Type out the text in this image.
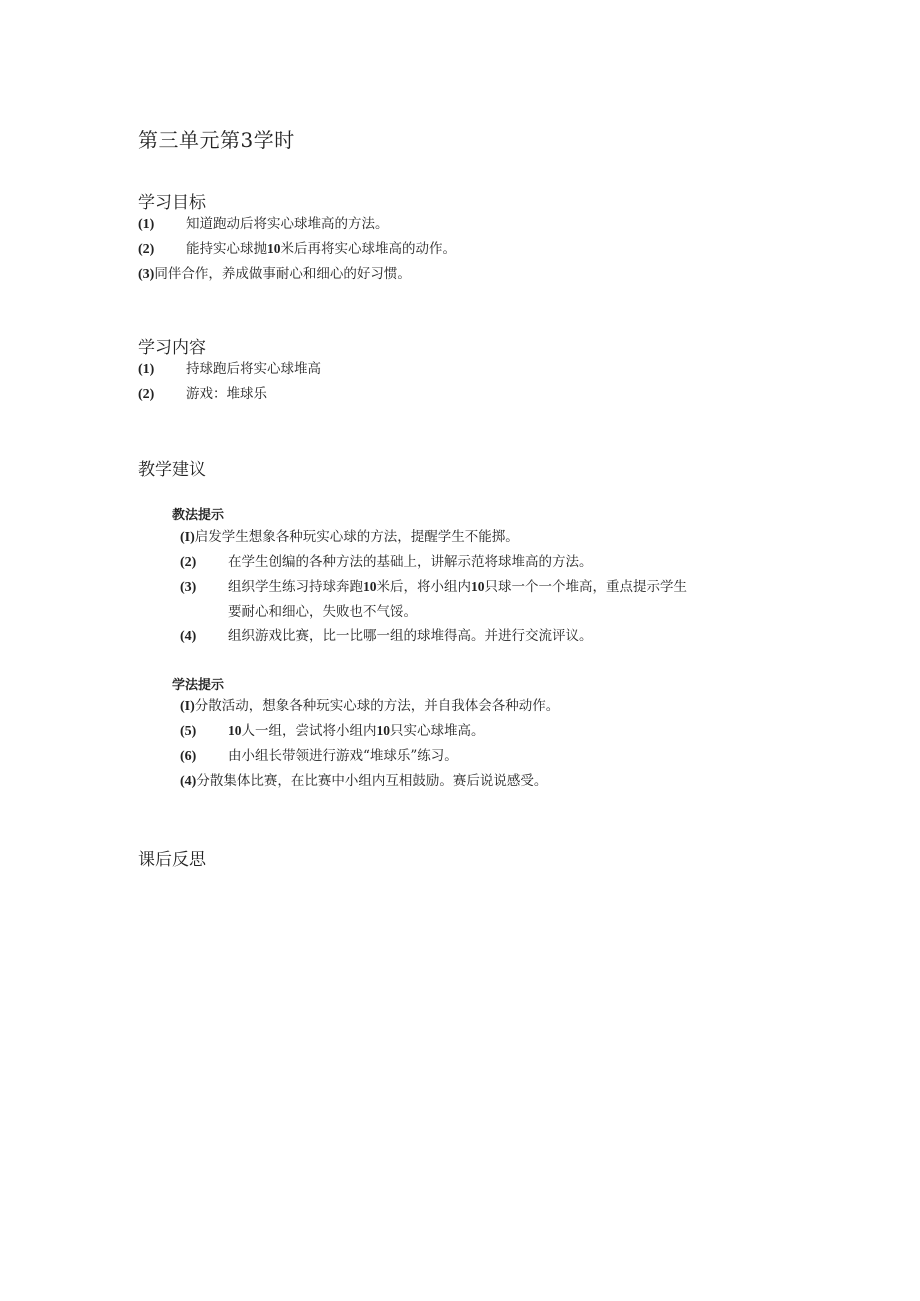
第三单元第3学时
学习目标
(1) 知道跑动后将实心球堆高的方法。
(2) 能持实心球抛10米后再将实心球堆高的动作。
(3)同伴合作，养成做事耐心和细心的好习惯。
学习内容
(1) 持球跑后将实心球堆高
(2) 游戏：堆球乐
教学建议
教法提示
(I)启发学生想象各种玩实心球的方法，提醒学生不能掷。
(2) 在学生创编的各种方法的基础上，讲解示范将球堆高的方法。
(3) 组织学生练习持球奔跑10米后，将小组内10只球一个一个堆高，重点提示学生
要耐心和细心，失败也不气馁。
(4) 组织游戏比赛，比一比哪一组的球堆得高。并进行交流评议。
学法提示
(I)分散活动，想象各种玩实心球的方法，并自我体会各种动作。
(5) 10人一组，尝试将小组内10只实心球堆高。
(6) 由小组长带领进行游戏“堆球乐”练习。
(4)分散集体比赛，在比赛中小组内互相鼓励。赛后说说感受。
课后反思
